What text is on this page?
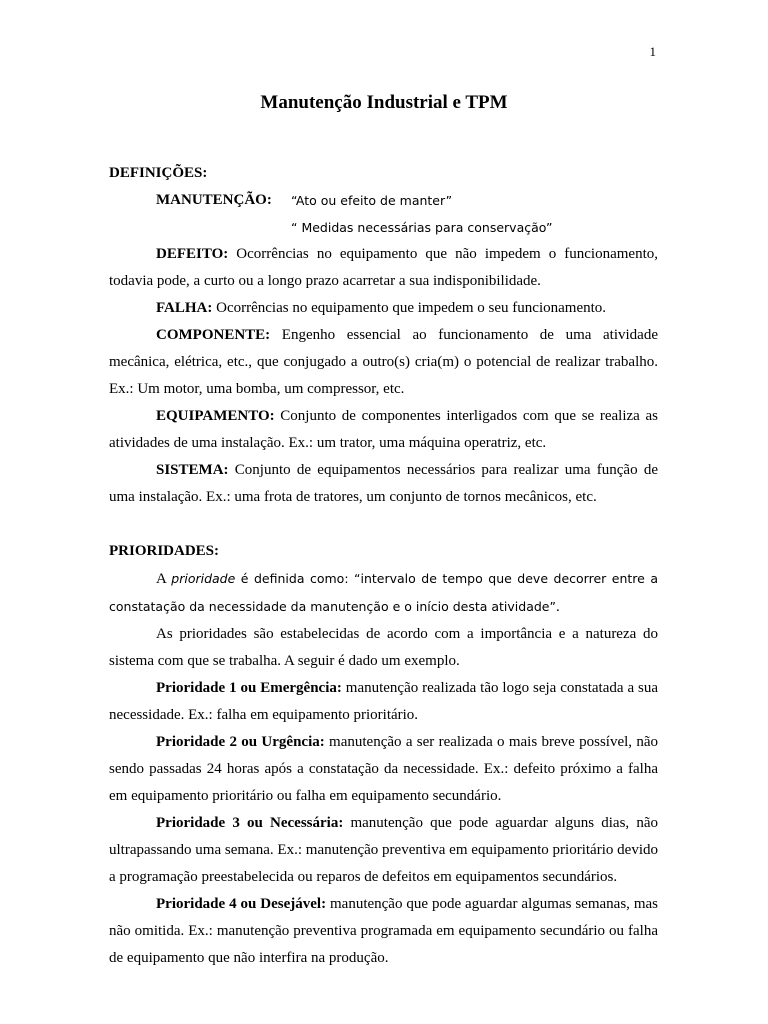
1
Manutenção Industrial e TPM

DEFINIÇÕES:

MANUTENÇÃO:	“Ato ou efeito de manter”
“ Medidas necessárias para conservação”

DEFEITO: Ocorrências no equipamento que não impedem o funcionamento, todavia pode, a curto ou a longo prazo acarretar a sua indisponibilidade.

FALHA: Ocorrências no equipamento que impedem o seu funcionamento.

COMPONENTE: Engenho essencial ao funcionamento de uma atividade mecânica, elétrica, etc., que conjugado a outro(s) cria(m) o potencial de realizar trabalho. Ex.: Um motor, uma bomba, um compressor, etc.

EQUIPAMENTO: Conjunto de componentes interligados com que se realiza as atividades de uma instalação. Ex.: um trator, uma máquina operatriz, etc.

SISTEMA: Conjunto de equipamentos necessários para realizar uma função de uma instalação. Ex.: uma frota de tratores, um conjunto de tornos mecânicos, etc.

PRIORIDADES:

A prioridade é definida como: “intervalo de tempo que deve decorrer entre a constatação da necessidade da manutenção e o início desta atividade”.

As prioridades são estabelecidas de acordo com a importância e a natureza do sistema com que se trabalha. A seguir é dado um exemplo.

Prioridade 1 ou Emergência: manutenção realizada tão logo seja constatada a sua necessidade. Ex.: falha em equipamento prioritário.

Prioridade 2 ou Urgência: manutenção a ser realizada o mais breve possível, não sendo passadas 24 horas após a constatação da necessidade. Ex.: defeito próximo a falha em equipamento prioritário ou falha em equipamento secundário.

Prioridade 3 ou Necessária: manutenção que pode aguardar alguns dias, não ultrapassando uma semana. Ex.: manutenção preventiva em equipamento prioritário devido a programação preestabelecida ou reparos de defeitos em equipamentos secundários.

Prioridade 4 ou Desejável: manutenção que pode aguardar algumas semanas, mas não omitida. Ex.: manutenção preventiva programada em equipamento secundário ou falha de equipamento que não interfira na produção.
